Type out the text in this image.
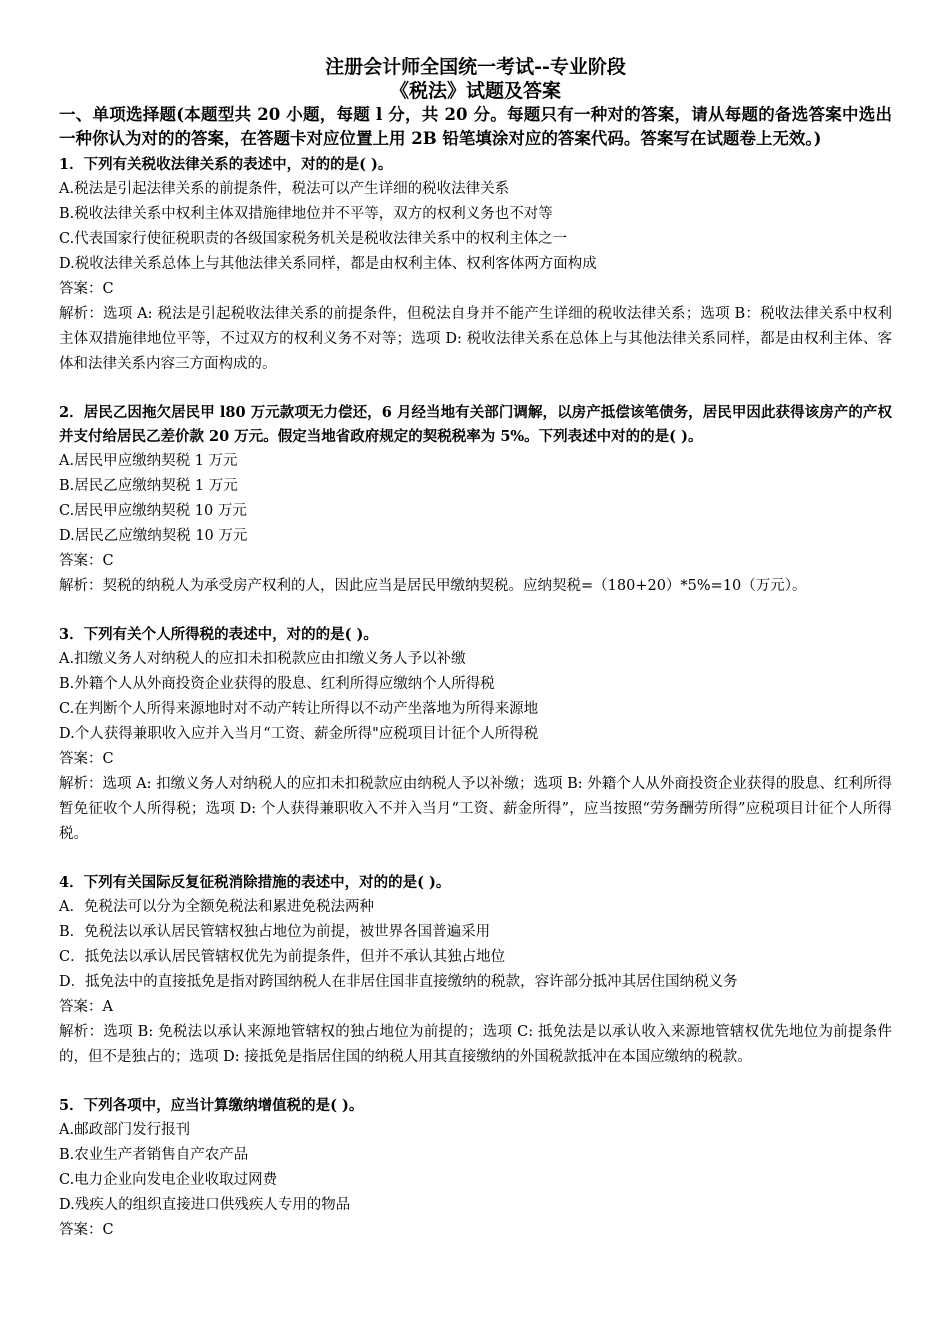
注册会计师全国统一考试--专业阶段
《税法》试题及答案
一、单项选择题(本题型共 20 小题，每题 l 分，共 20 分。每题只有一种对的答案，请从每题的备选答案中选出一种你认为对的的答案，在答题卡对应位置上用 2B 铅笔填涂对应的答案代码。答案写在试题卷上无效。)
1．下列有关税收法律关系的表述中，对的的是( )。
A.税法是引起法律关系的前提条件，税法可以产生详细的税收法律关系
B.税收法律关系中权利主体双措施律地位并不平等，双方的权利义务也不对等
C.代表国家行使征税职责的各级国家税务机关是税收法律关系中的权利主体之一
D.税收法律关系总体上与其他法律关系同样，都是由权利主体、权利客体两方面构成
答案：C
解析：选项 A: 税法是引起税收法律关系的前提条件，但税法自身并不能产生详细的税收法律关系；选项 B：税收法律关系中权利主体双措施律地位平等，不过双方的权利义务不对等；选项 D: 税收法律关系在总体上与其他法律关系同样，都是由权利主体、客体和法律关系内容三方面构成的。
2．居民乙因拖欠居民甲 l80 万元款项无力偿还，6 月经当地有关部门调解，以房产抵偿该笔债务，居民甲因此获得该房产的产权并支付给居民乙差价款 20 万元。假定当地省政府规定的契税税率为 5%。下列表述中对的的是( )。
A.居民甲应缴纳契税 1 万元
B.居民乙应缴纳契税 1 万元
C.居民甲应缴纳契税 10 万元
D.居民乙应缴纳契税 10 万元
答案：C
解析：契税的纳税人为承受房产权利的人，因此应当是居民甲缴纳契税。应纳契税=（180+20）*5%=10（万元）。
3．下列有关个人所得税的表述中，对的的是( )。
A.扣缴义务人对纳税人的应扣未扣税款应由扣缴义务人予以补缴
B.外籍个人从外商投资企业获得的股息、红利所得应缴纳个人所得税
C.在判断个人所得来源地时对不动产转让所得以不动产坐落地为所得来源地
D.个人获得兼职收入应并入当月“工资、薪金所得"应税项目计征个人所得税
答案：C
解析：选项 A: 扣缴义务人对纳税人的应扣未扣税款应由纳税人予以补缴；选项 B: 外籍个人从外商投资企业获得的股息、红利所得暂免征收个人所得税；选项 D: 个人获得兼职收入不并入当月“工资、薪金所得”，应当按照“劳务酬劳所得”应税项目计征个人所得税。
4．下列有关国际反复征税消除措施的表述中，对的的是( )。
A．免税法可以分为全额免税法和累进免税法两种
B．免税法以承认居民管辖权独占地位为前提，被世界各国普遍采用
C．抵免法以承认居民管辖权优先为前提条件，但并不承认其独占地位
D．抵免法中的直接抵免是指对跨国纳税人在非居住国非直接缴纳的税款，容许部分抵冲其居住国纳税义务
答案：A
解析：选项 B: 免税法以承认来源地管辖权的独占地位为前提的；选项 C: 抵免法是以承认收入来源地管辖权优先地位为前提条件的，但不是独占的；选项 D: 接抵免是指居住国的纳税人用其直接缴纳的外国税款抵冲在本国应缴纳的税款。
5．下列各项中，应当计算缴纳增值税的是( )。
A.邮政部门发行报刊
B.农业生产者销售自产农产品
C.电力企业向发电企业收取过网费
D.残疾人的组织直接进口供残疾人专用的物品
答案：C
